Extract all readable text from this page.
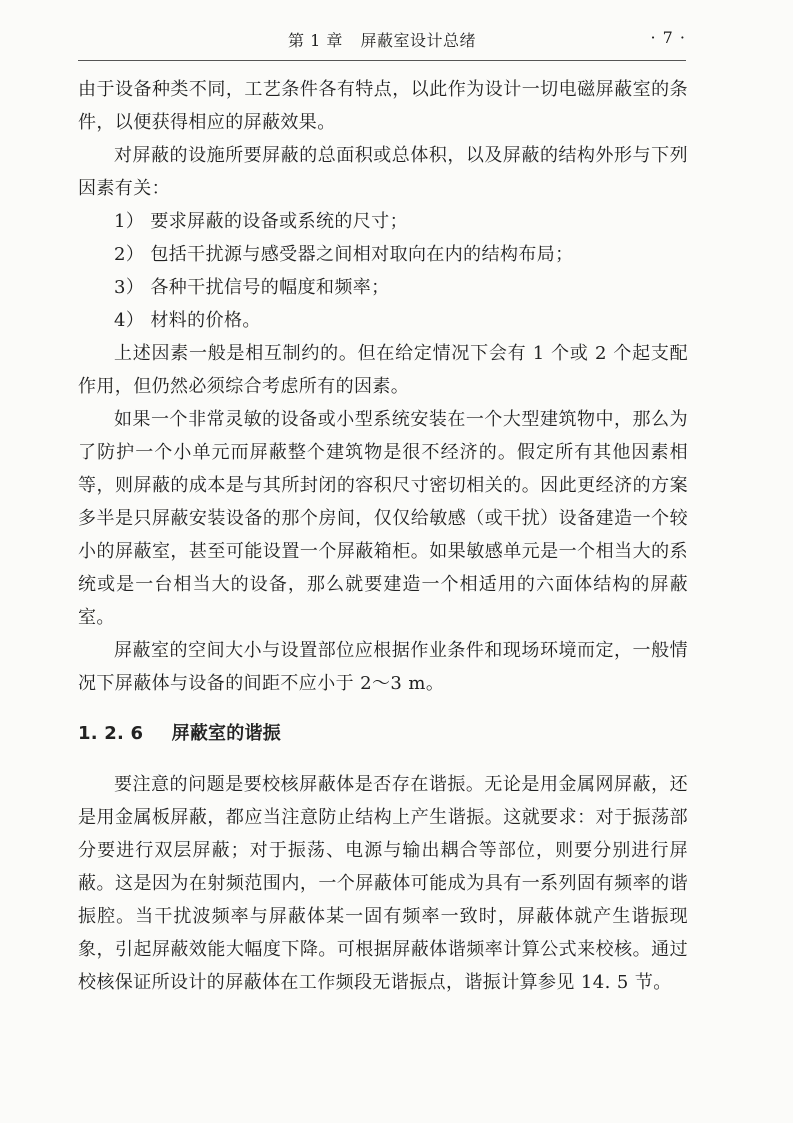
第 1 章 屏蔽室设计总绪	· 7 ·

由于设备种类不同，工艺条件各有特点，以此作为设计一切电磁屏蔽室的条件，以便获得相应的屏蔽效果。

对屏蔽的设施所要屏蔽的总面积或总体积，以及屏蔽的结构外形与下列因素有关：

1） 要求屏蔽的设备或系统的尺寸；

2） 包括干扰源与感受器之间相对取向在内的结构布局；

3） 各种干扰信号的幅度和频率；

4） 材料的价格。

上述因素一般是相互制约的。但在给定情况下会有 1 个或 2 个起支配作用，但仍然必须综合考虑所有的因素。

如果一个非常灵敏的设备或小型系统安装在一个大型建筑物中，那么为了防护一个小单元而屏蔽整个建筑物是很不经济的。假定所有其他因素相等，则屏蔽的成本是与其所封闭的容积尺寸密切相关的。因此更经济的方案多半是只屏蔽安装设备的那个房间，仅仅给敏感（或干扰）设备建造一个较小的屏蔽室，甚至可能设置一个屏蔽箱柜。如果敏感单元是一个相当大的系统或是一台相当大的设备，那么就要建造一个相适用的六面体结构的屏蔽室。

屏蔽室的空间大小与设置部位应根据作业条件和现场环境而定，一般情况下屏蔽体与设备的间距不应小于 2～3 m。

1. 2. 6 屏蔽室的谐振

要注意的问题是要校核屏蔽体是否存在谐振。无论是用金属网屏蔽，还是用金属板屏蔽，都应当注意防止结构上产生谐振。这就要求：对于振荡部分要进行双层屏蔽；对于振荡、电源与输出耦合等部位，则要分别进行屏蔽。这是因为在射频范围内，一个屏蔽体可能成为具有一系列固有频率的谐振腔。当干扰波频率与屏蔽体某一固有频率一致时，屏蔽体就产生谐振现象，引起屏蔽效能大幅度下降。可根据屏蔽体谐频率计算公式来校核。通过校核保证所设计的屏蔽体在工作频段无谐振点，谐振计算参见 14. 5 节。
